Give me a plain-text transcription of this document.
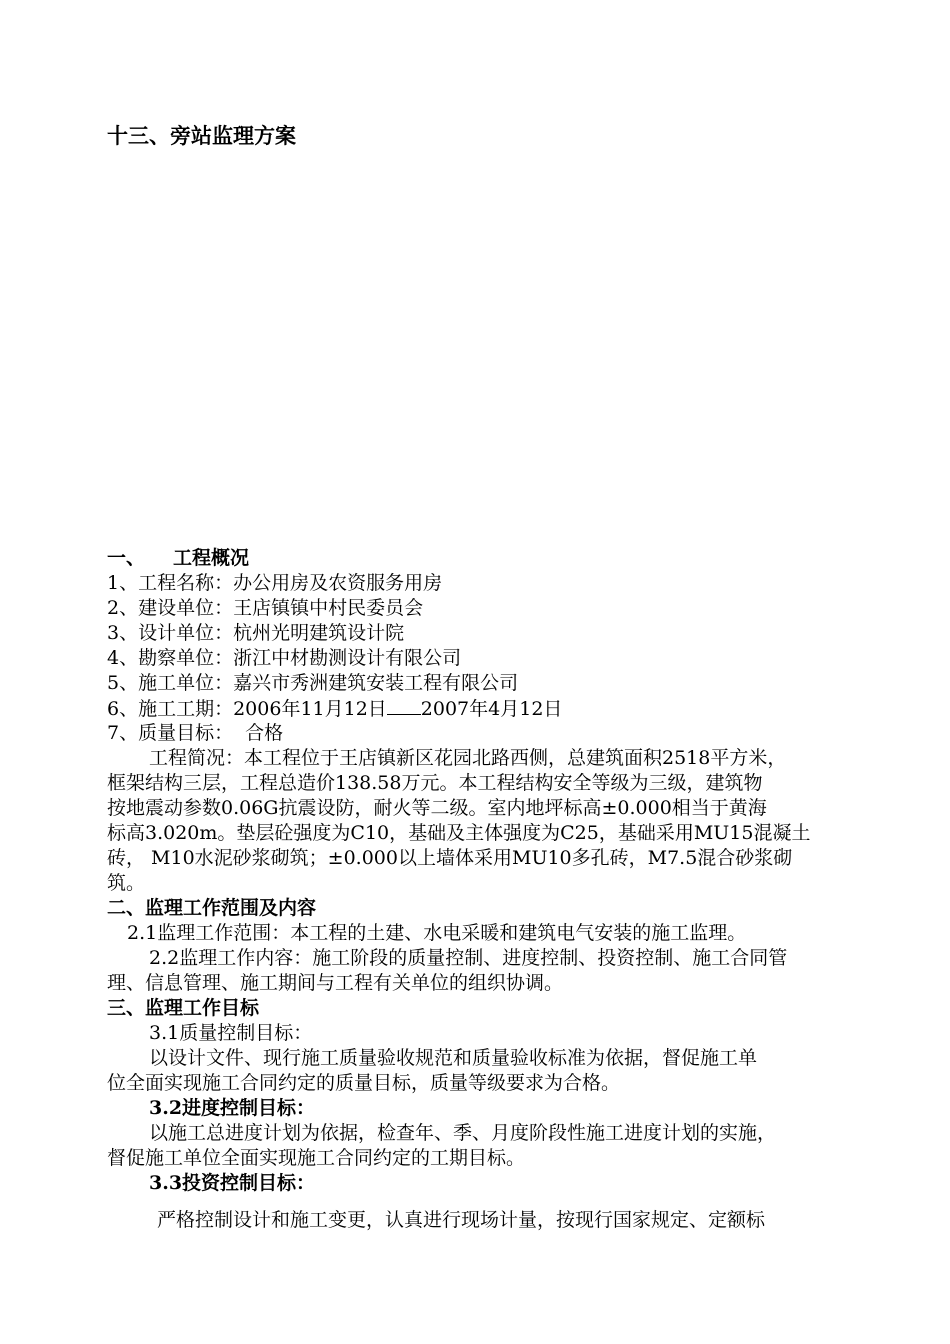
十三、旁站监理方案
一、 工程概况
1、工程名称：办公用房及农资服务用房
2、建设单位：王店镇镇中村民委员会
3、设计单位：杭州光明建筑设计院
4、勘察单位：浙江中材勘测设计有限公司
5、施工单位：嘉兴市秀洲建筑安装工程有限公司
6、施工工期：2006年11月12日 2007年4月12日
7、质量目标：  合格
工程简况：本工程位于王店镇新区花园北路西侧，总建筑面积2518平方米，
框架结构三层，工程总造价138.58万元。本工程结构安全等级为三级，建筑物
按地震动参数0.06G抗震设防，耐火等二级。室内地坪标高±0.000相当于黄海
标高3.020m。垫层砼强度为C10，基础及主体强度为C25，基础采用MU15混凝土
砖， M10水泥砂浆砌筑；±0.000以上墙体采用MU10多孔砖，M7.5混合砂浆砌
筑。
二、监理工作范围及内容
2.1监理工作范围：本工程的土建、水电采暖和建筑电气安装的施工监理。
2.2监理工作内容：施工阶段的质量控制、进度控制、投资控制、施工合同管
理、信息管理、施工期间与工程有关单位的组织协调。
三、监理工作目标
3.1质量控制目标：
以设计文件、现行施工质量验收规范和质量验收标准为依据，督促施工单
位全面实现施工合同约定的质量目标，质量等级要求为合格。
3.2进度控制目标：
以施工总进度计划为依据，检查年、季、月度阶段性施工进度计划的实施，
督促施工单位全面实现施工合同约定的工期目标。
3.3投资控制目标：
严格控制设计和施工变更，认真进行现场计量，按现行国家规定、定额标
